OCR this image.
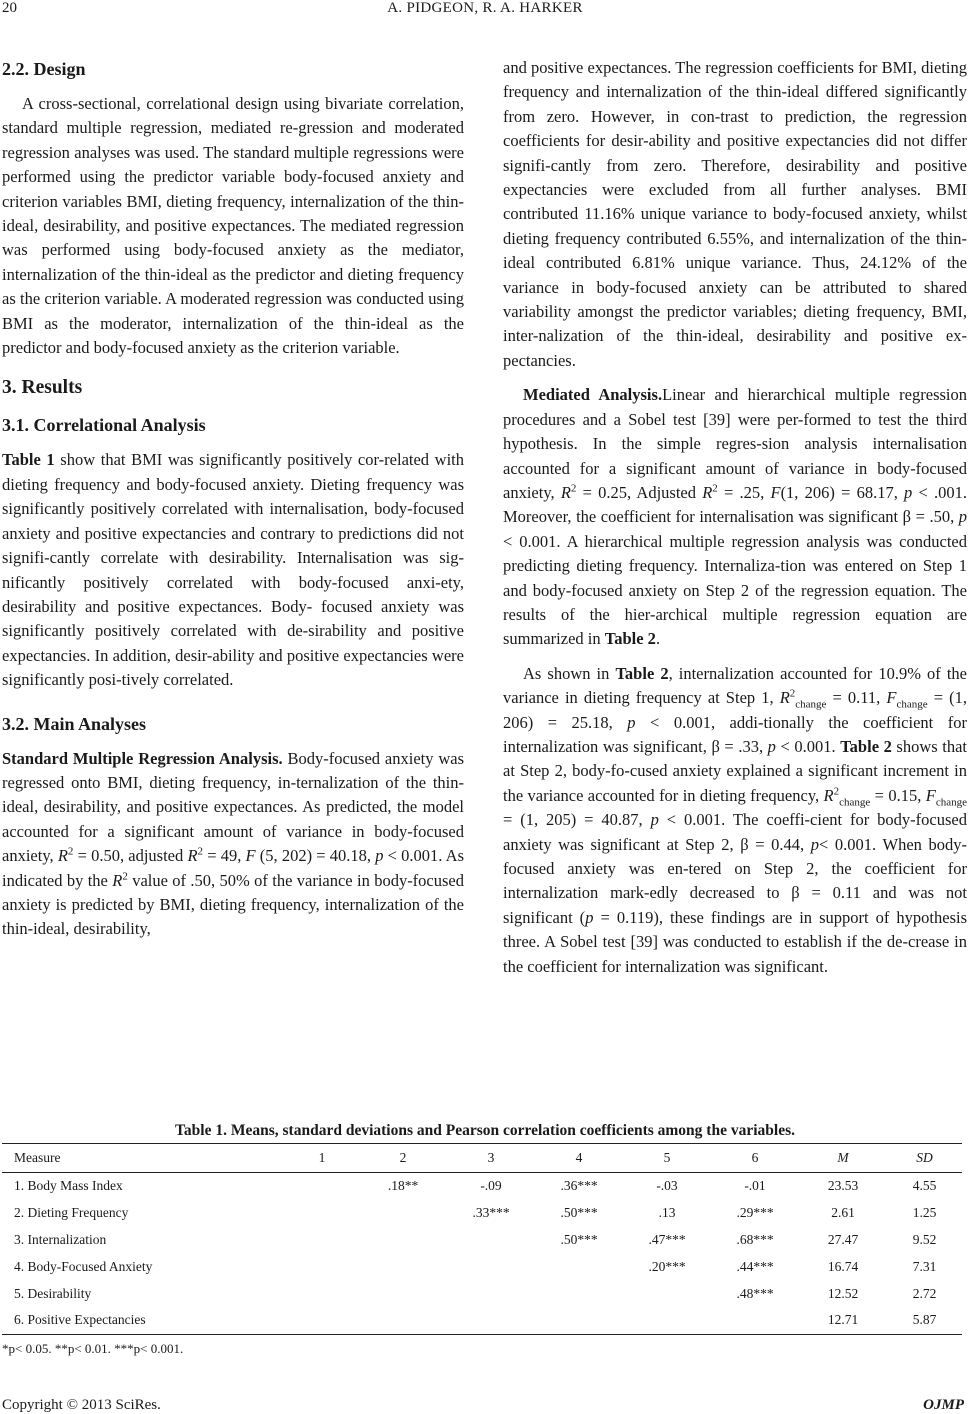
20	A. PIDGEON, R. A. HARKER
2.2. Design

A cross-sectional, correlational design using bivariate correlation, standard multiple regression, mediated re-gression and moderated regression analyses was used. The standard multiple regressions were performed using the predictor variable body-focused anxiety and criterion variables BMI, dieting frequency, internalization of the thin-ideal, desirability, and positive expectances. The mediated regression was performed using body-focused anxiety as the mediator, internalization of the thin-ideal as the predictor and dieting frequency as the criterion variable. A moderated regression was conducted using BMI as the moderator, internalization of the thin-ideal as the predictor and body-focused anxiety as the criterion variable.

3. Results
3.1. Correlational Analysis

Table 1 show that BMI was significantly positively cor-related with dieting frequency and body-focused anxiety. Dieting frequency was significantly positively correlated with internalisation, body-focused anxiety and positive expectancies and contrary to predictions did not signifi-cantly correlate with desirability. Internalisation was sig-nificantly positively correlated with body-focused anxi-ety, desirability and positive expectances. Body- focused anxiety was significantly positively correlated with de-sirability and positive expectancies. In addition, desir-ability and positive expectancies were significantly posi-tively correlated.

3.2. Main Analyses

Standard Multiple Regression Analysis. Body-focused anxiety was regressed onto BMI, dieting frequency, in-ternalization of the thin-ideal, desirability, and positive expectances. As predicted, the model accounted for a significant amount of variance in body-focused anxiety, $R^2 = 0.50$, adjusted $R^2 = 49$, F (5, 202) = 40.18, p < 0.001. As indicated by the $R^2$ value of .50, 50% of the variance in body-focused anxiety is predicted by BMI, dieting frequency, internalization of the thin-ideal, desirability,

and positive expectances. The regression coefficients for BMI, dieting frequency and internalization of the thin-ideal differed significantly from zero. However, in con-trast to prediction, the regression coefficients for desir-ability and positive expectancies did not differ signifi-cantly from zero. Therefore, desirability and positive expectancies were excluded from all further analyses. BMI contributed 11.16% unique variance to body-focused anxiety, whilst dieting frequency contributed 6.55%, and internalization of the thin-ideal contributed 6.81% unique variance. Thus, 24.12% of the variance in body-focused anxiety can be attributed to shared variability amongst the predictor variables; dieting frequency, BMI, inter-nalization of the thin-ideal, desirability and positive ex-pectancies.

Mediated Analysis.Linear and hierarchical multiple regression procedures and a Sobel test [39] were per-formed to test the third hypothesis. In the simple regres-sion analysis internalisation accounted for a significant amount of variance in body-focused anxiety, $R^2 = 0.25$, Adjusted $R^2 = .25$, F(1, 206) = 68.17, p < .001. Moreover, the coefficient for internalisation was significant β = .50, p < 0.001. A hierarchical multiple regression analysis was conducted predicting dieting frequency. Internaliza-tion was entered on Step 1 and body-focused anxiety on Step 2 of the regression equation. The results of the hier-archical multiple regression equation are summarized in Table 2.

As shown in Table 2, internalization accounted for 10.9% of the variance in dieting frequency at Step 1, $R^2_{change} = 0.11$, $F_{change} = (1$, 206) = 25.18, p < 0.001, addi-tionally the coefficient for internalization was significant, β = .33, p < 0.001. Table 2 shows that at Step 2, body-fo-cused anxiety explained a significant increment in the variance accounted for in dieting frequency, $R^2_{change} = 0.15$, $F_{change} = (1$, 205) = 40.87, p < 0.001. The coeffi-cient for body-focused anxiety was significant at Step 2, β = 0.44, p< 0.001. When body-focused anxiety was en-tered on Step 2, the coefficient for internalization mark-edly decreased to β = 0.11 and was not significant (p = 0.119), these findings are in support of hypothesis three. A Sobel test [39] was conducted to establish if the de-crease in the coefficient for internalization was significant.

Table 1. Means, standard deviations and Pearson correlation coefficients among the variables.
Measure	1	2	3	4	5	6	M	SD
1. Body Mass Index		.18**	-.09	.36***	-.03	-.01	23.53	4.55
2. Dieting Frequency			.33***	.50***	.13	.29***	2.61	1.25
3. Internalization				.50***	.47***	.68***	27.47	9.52
4. Body-Focused Anxiety					.20***	.44***	16.74	7.31
5. Desirability						.48***	12.52	2.72
6. Positive Expectancies							12.71	5.87
*p< 0.05. **p< 0.01. ***p< 0.001.
Copyright © 2013 SciRes.	OJMP
